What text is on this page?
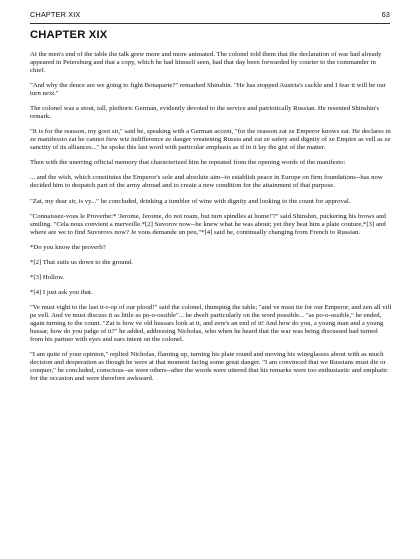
CHAPTER XIX	63
CHAPTER XIX

At the men's end of the table the talk grew more and more animated. The colonel told them that the declaration of war had already appeared in Petersburg and that a copy, which he had himself seen, had that day been forwarded by courier to the commander in chief.

"And why the deuce are we going to fight Bonaparte?" remarked Shinshin. "He has stopped Austria's cackle and I fear it will be our turn next."

The colonel was a stout, tall, plethoric German, evidently devoted to the service and patriotically Russian. He resented Shinshin's remark.

"It is for the reasson, my goot sir," said he, speaking with a German accent, "for the reasson zat ze Emperor knows zat. He declares in ze manifessto zat he cannot fiew wiz indifference ze danger vreatening Russia and zat ze safety and dignity of ze Empire as vell as ze sanctity of its alliances..." he spoke this last word with particular emphasis as if in it lay the gist of the matter.

Then with the unerring official memory that characterized him he repeated from the opening words of the manifesto:

... and the wish, which constitutes the Emperor's sole and absolute aim--to establish peace in Europe on firm foundations--has now decided him to despatch part of the army abroad and to create a new condition for the attainment of that purpose.

"Zat, my dear sir, is vy..." he concluded, drinking a tumbler of wine with dignity and looking to the count for approval.

"Connaissez-vous le Proverbe:* 'Jerome, Jerome, do not roam, but turn spindles at home!'?" said Shinshin, puckering his brows and smiling. "Cela nous convient a merveille.*[2] Suvorov now--he knew what he was about; yet they beat him a plate couture,*[3] and where are we to find Suvorovs now? Je vous demande un peu,"*[4] said he, continually changing from French to Russian.

*Do you know the proverb?

*[2] That suits us down to the ground.

*[3] Hollow.

*[4] I just ask you that.

"Ve must vight to the last tr-r-op of our plood!" said the colonel, thumping the table; "and ve must tie for our Emperor, and zen all vill pe vell. And ve must discuss it as little as po-o-ossible"... he dwelt particularly on the word possible... "as po-o-ossible," he ended, again turning to the count. "Zat is how ve old hussars look at it, and zere's an end of it! And how do you, a young man and a young hussar, how do you judge of it?" he added, addressing Nicholas, who when he heard that the war was being discussed had turned from his partner with eyes and ears intent on the colonel.

"I am quite of your opinion," replied Nicholas, flaming up, turning his plate round and moving his wineglasses about with as much decision and desperation as though he were at that moment facing some great danger. "I am convinced that we Russians must die or conquer," he concluded, conscious--as were others--after the words were uttered that his remarks were too enthusiastic and emphatic for the occasion and were therefore awkward.
